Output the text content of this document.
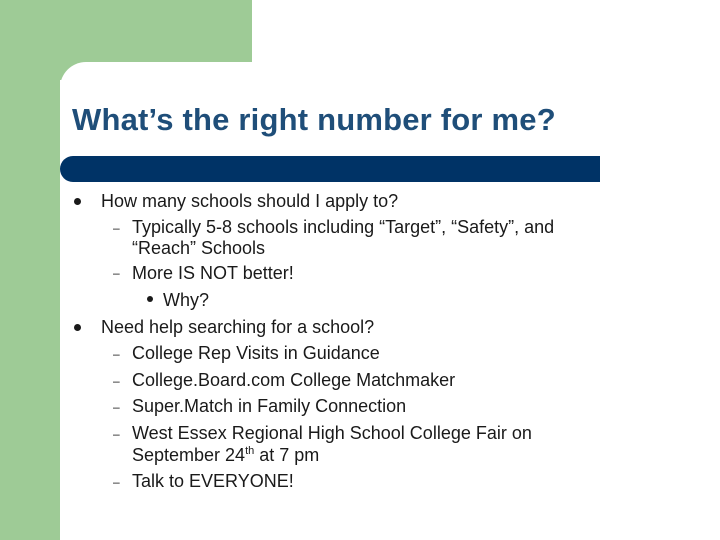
What’s the right number for me?
How many schools should I apply to?
– Typically 5-8 schools including “Target”, “Safety”, and
“Reach” Schools
– More IS NOT better!
Why?
Need help searching for a school?
– College Rep Visits in Guidance
– College.Board.com College Matchmaker
– Super.Match in Family Connection
– West Essex Regional High School College Fair on
September 24th at 7 pm
– Talk to EVERYONE!
